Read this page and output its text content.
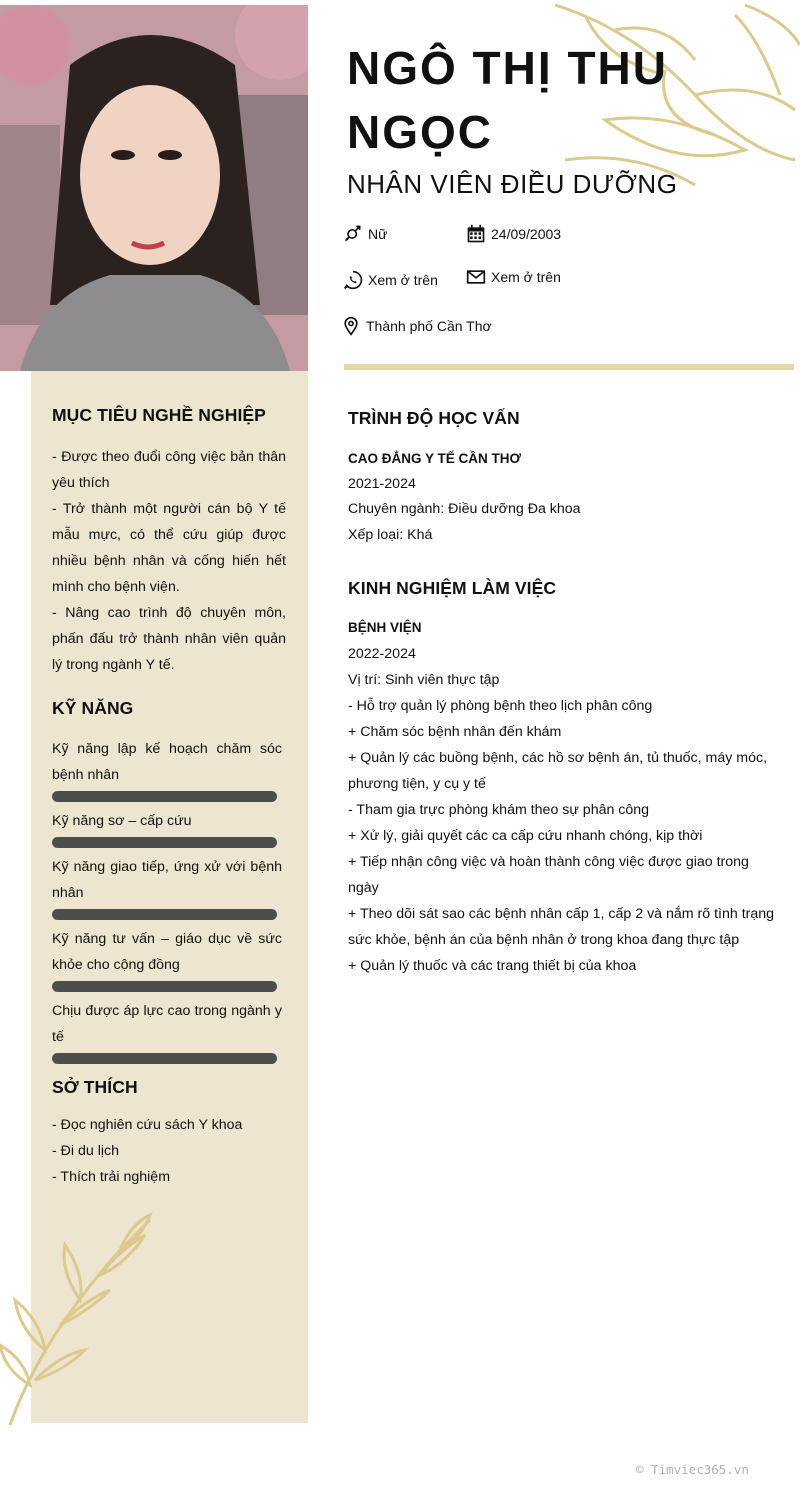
NGÔ THỊ THU NGỌC
NHÂN VIÊN ĐIỀU DƯỠNG
Nữ	24/09/2003
Xem ở trên	Xem ở trên
Thành phố Cần Thơ
MỤC TIÊU NGHỀ NGHIỆP

- Được theo đuổi công việc bản thân yêu thích

- Trở thành một người cán bộ Y tế mẫu mực, có thể cứu giúp được nhiều bệnh nhân và cống hiến hết mình cho bệnh viện.

- Nâng cao trình độ chuyên môn, phấn đấu trở thành nhân viên quản lý trong ngành Y tế.

KỸ NĂNG
Kỹ năng lập kế hoạch chăm sóc bệnh nhân
Kỹ năng sơ – cấp cứu
Kỹ năng giao tiếp, ứng xử với bệnh nhân
Kỹ năng tư vấn – giáo dục về sức khỏe cho cộng đồng
Chịu được áp lực cao trong ngành y tế
SỞ THÍCH
- Đọc nghiên cứu sách Y khoa
- Đi du lịch
- Thích trải nghiệm
TRÌNH ĐỘ HỌC VẤN
CAO ĐẲNG Y TẾ CẦN THƠ
2021-2024
Chuyên ngành: Điều dưỡng Đa khoa
Xếp loại: Khá
KINH NGHIỆM LÀM VIỆC
BỆNH VIỆN
2022-2024
Vị trí: Sinh viên thực tập
- Hỗ trợ quản lý phòng bệnh theo lịch phân công
+ Chăm sóc bệnh nhân đến khám
+ Quản lý các buồng bệnh, các hồ sơ bệnh án, tủ thuốc, máy móc, phương tiện, y cụ y tế
- Tham gia trực phòng khám theo sự phân công
+ Xử lý, giải quyết các ca cấp cứu nhanh chóng, kịp thời
+ Tiếp nhận công việc và hoàn thành công việc được giao trong ngày
+ Theo dõi sát sao các bệnh nhân cấp 1, cấp 2 và nắm rõ tình trạng sức khỏe, bệnh án của bệnh nhân ở trong khoa đang thực tập
+ Quản lý thuốc và các trang thiết bị của khoa
© Timviec365.vn
